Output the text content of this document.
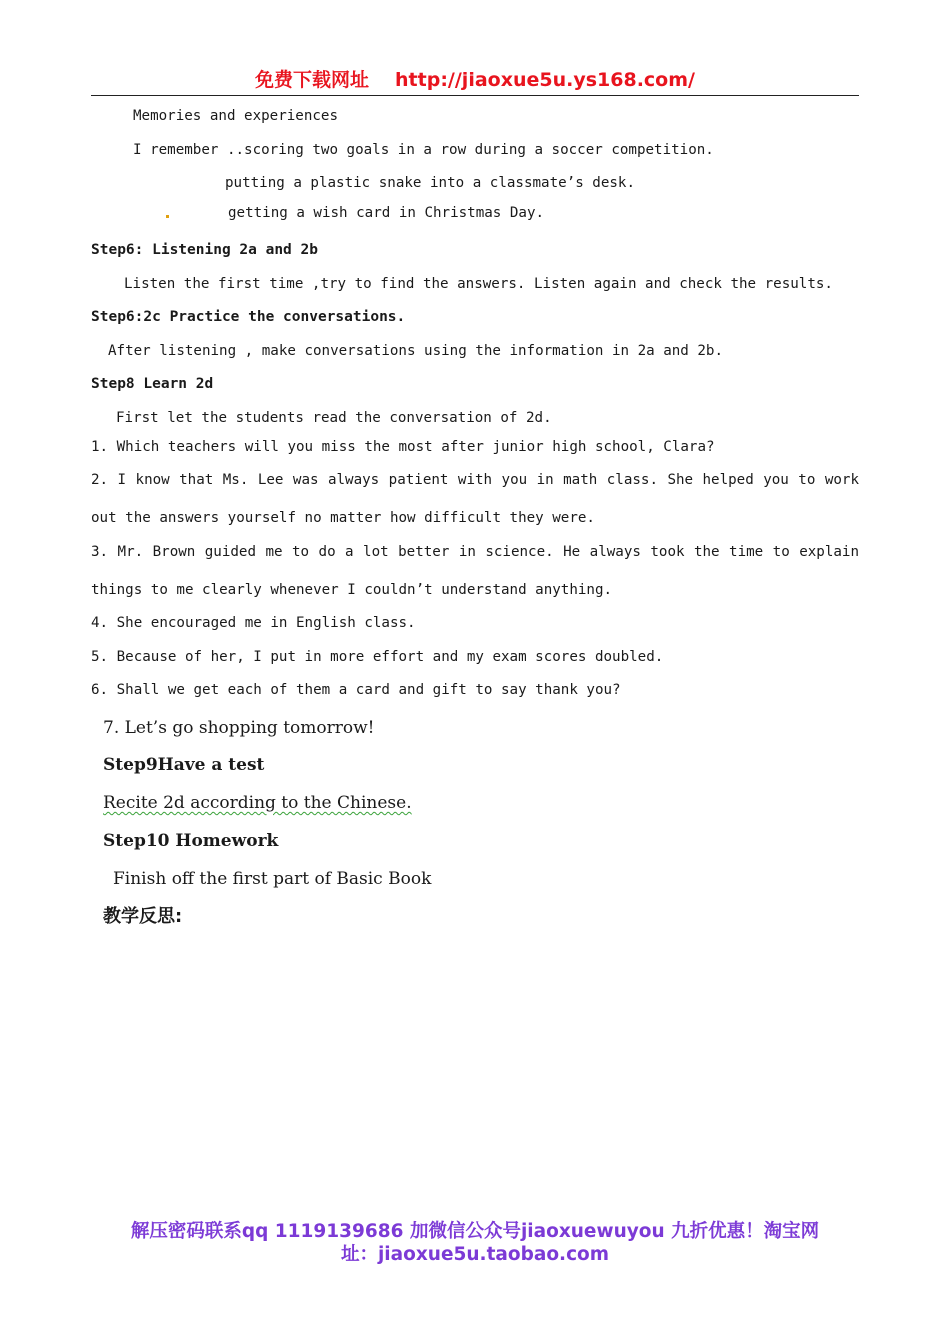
免费下载网址 http://jiaoxue5u.ys168.com/
Memories and experiences
I remember ..scoring two goals in a row during a soccer competition.
putting a plastic snake into a classmate’s desk.
getting a wish card in Christmas Day.
Step6: Listening 2a and 2b
Listen the first time ,try to find the answers. Listen again and check the results.
Step6:2c Practice the conversations.
After listening , make conversations using the information in 2a and 2b.
Step8 Learn 2d
First let the students read the conversation of 2d.
1. Which teachers will you miss the most after junior high school, Clara?
2. I know that Ms. Lee was always patient with you in math class. She helped you to work
out the answers yourself no matter how difficult they were.
3. Mr. Brown guided me to do a lot better in science. He always took the time to explain
things to me clearly whenever I couldn’t understand anything.
4. She encouraged me in English class.
5. Because of her, I put in more effort and my exam scores doubled.
6. Shall we get each of them a card and gift to say thank you?
7. Let’s go shopping tomorrow!
Step9Have a test
Recite 2d according to the Chinese.
Step10 Homework
Finish off the first part of Basic Book
教学反思:
解压密码联系qq 1119139686 加微信公众号jiaoxuewuyou 九折优惠！淘宝网
址：jiaoxue5u.taobao.com
